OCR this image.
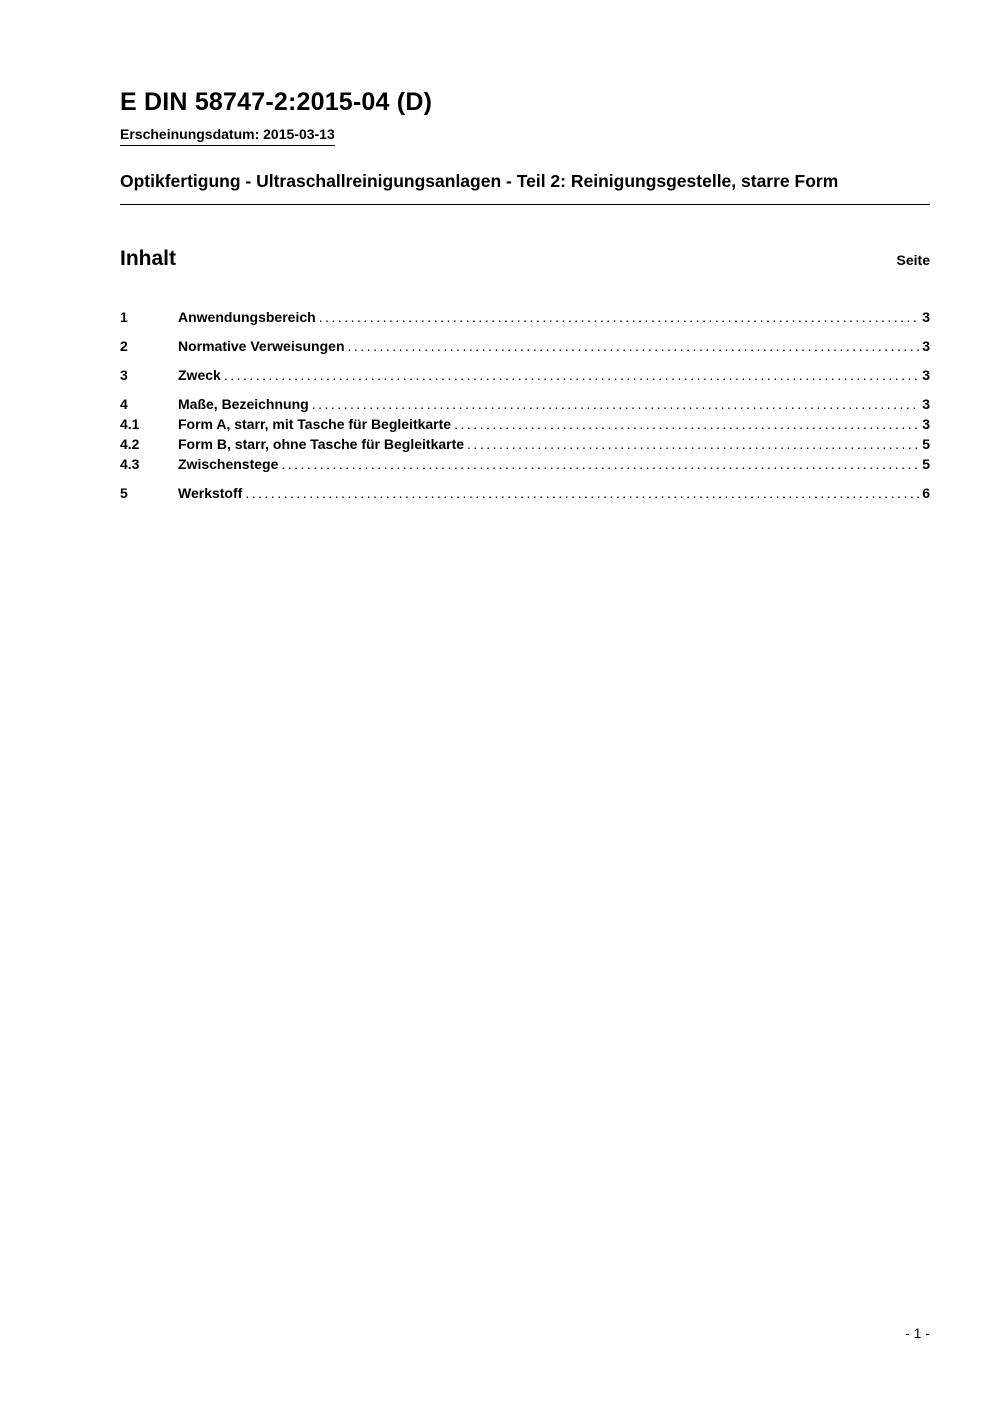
E DIN 58747-2:2015-04 (D)
Erscheinungsdatum: 2015-03-13
Optikfertigung - Ultraschallreinigungsanlagen - Teil 2: Reinigungsgestelle, starre Form
Inhalt	Seite
1	Anwendungsbereich .....	3
2	Normative Verweisungen .....	3
3	Zweck .....	3
4	Maße, Bezeichnung .....	3
4.1	Form A, starr, mit Tasche für Begleitkarte .....	3
4.2	Form B, starr, ohne Tasche für Begleitkarte .....	5
4.3	Zwischenstege .....	5
5	Werkstoff .....	6
- 1 -
